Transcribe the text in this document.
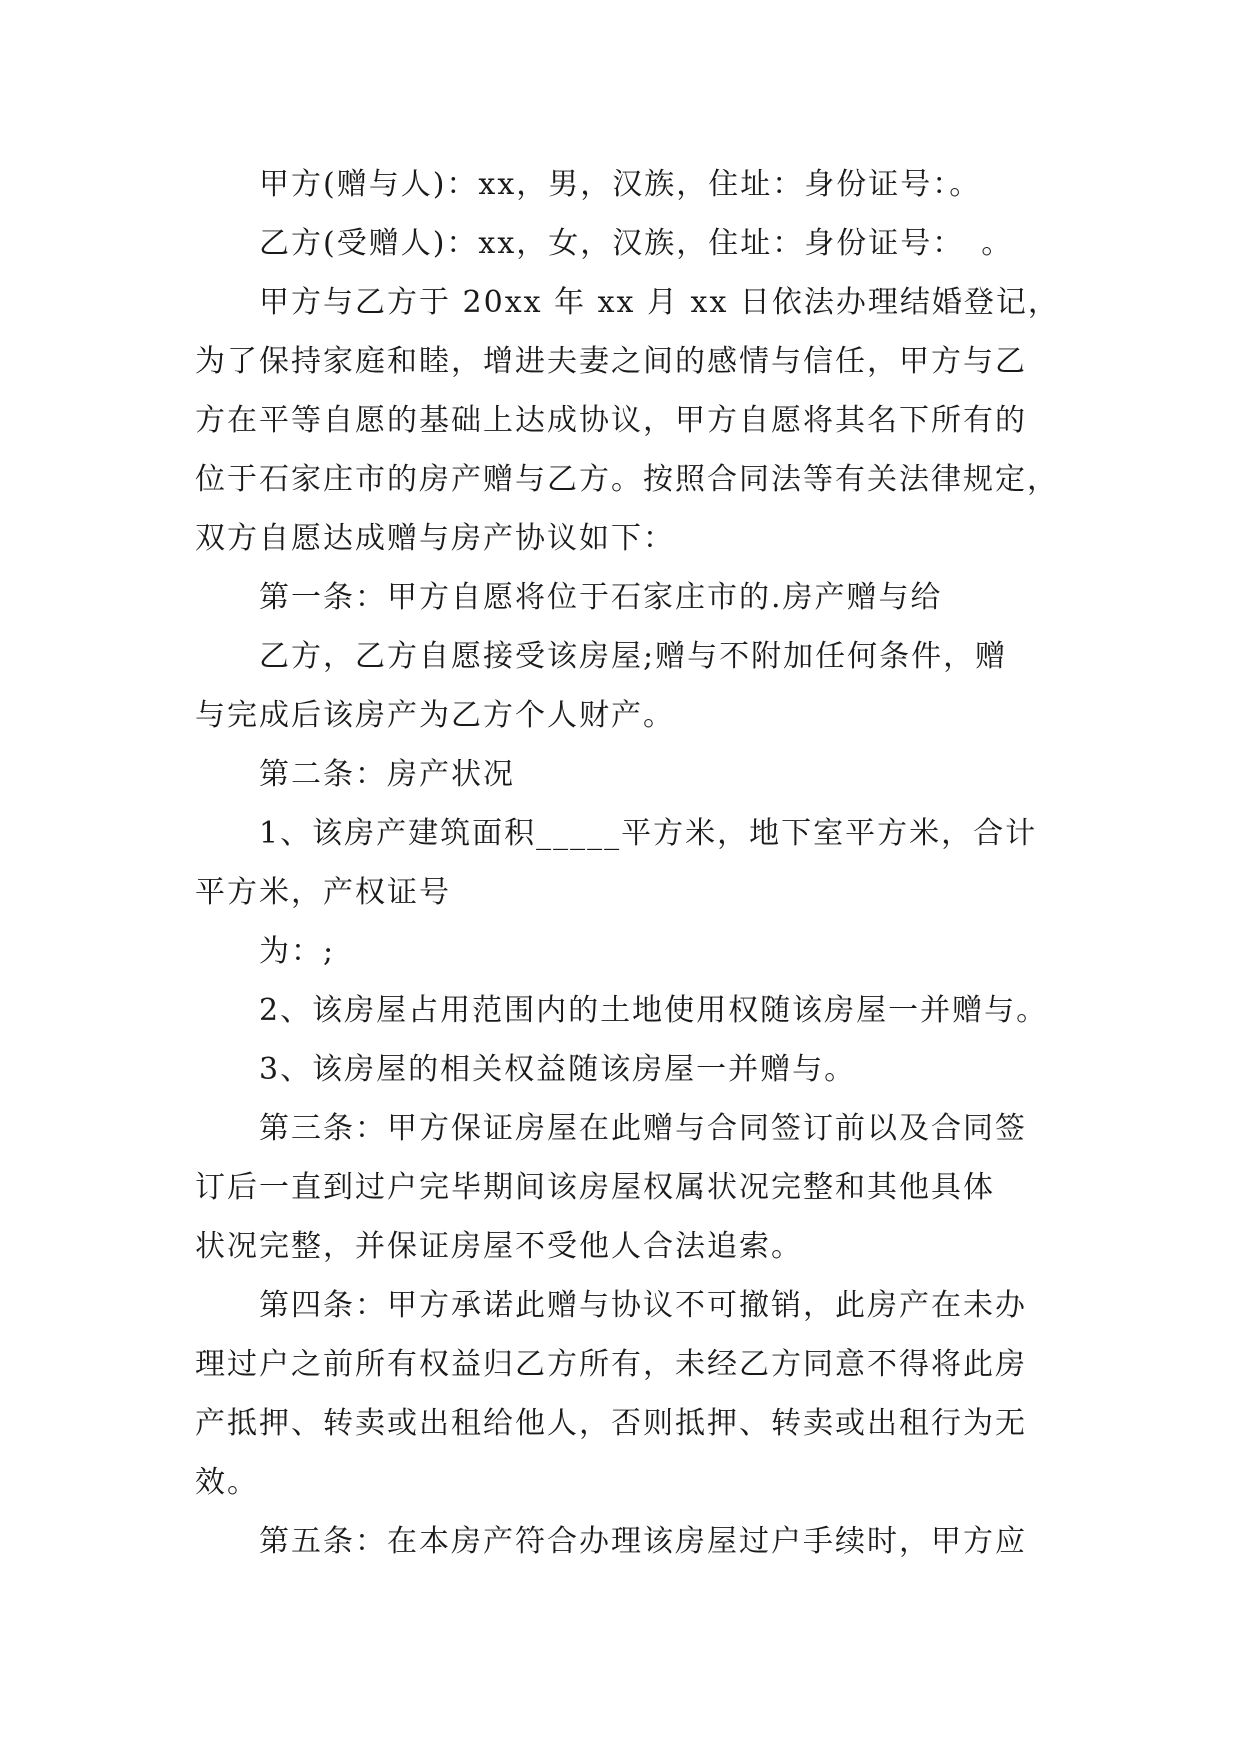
甲方(赠与人)：xx，男，汉族，住址：身份证号：。

乙方(受赠人)：xx，女，汉族，住址：身份证号：　。

甲方与乙方于 20xx 年 xx 月 xx 日依法办理结婚登记，

为了保持家庭和睦，增进夫妻之间的感情与信任，甲方与乙

方在平等自愿的基础上达成协议，甲方自愿将其名下所有的

位于石家庄市的房产赠与乙方。按照合同法等有关法律规定，

双方自愿达成赠与房产协议如下：

第一条：甲方自愿将位于石家庄市的.房产赠与给

乙方，乙方自愿接受该房屋;赠与不附加任何条件，赠

与完成后该房产为乙方个人财产。

第二条：房产状况

1、该房产建筑面积_____平方米，地下室平方米，合计

平方米，产权证号

为：;

2、该房屋占用范围内的土地使用权随该房屋一并赠与。

3、该房屋的相关权益随该房屋一并赠与。

第三条：甲方保证房屋在此赠与合同签订前以及合同签

订后一直到过户完毕期间该房屋权属状况完整和其他具体

状况完整，并保证房屋不受他人合法追索。

第四条：甲方承诺此赠与协议不可撤销，此房产在未办

理过户之前所有权益归乙方所有，未经乙方同意不得将此房

产抵押、转卖或出租给他人，否则抵押、转卖或出租行为无

效。

第五条：在本房产符合办理该房屋过户手续时，甲方应
